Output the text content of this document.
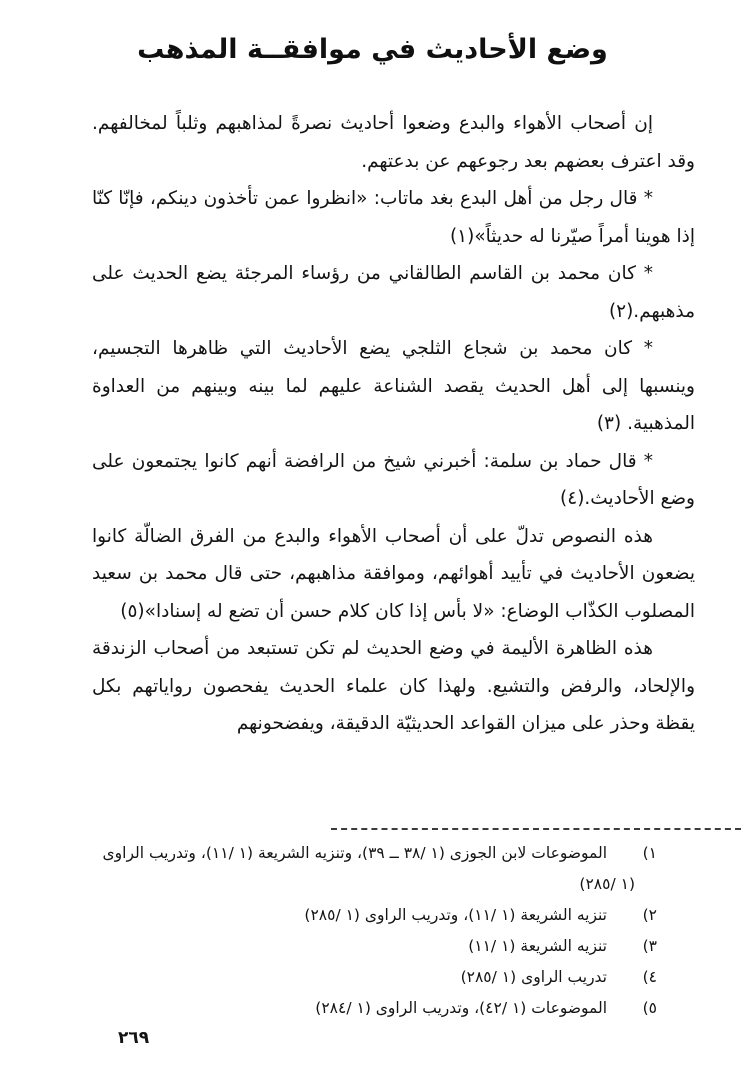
وضع الأحاديث في موافقــة المذهب

إن أصحاب الأهواء والبدع وضعوا أحاديث نصرةً لمذاهبهم وثلباً لمخالفهم. وقد اعترف بعضهم بعد رجوعهم عن بدعتهم.

* قال رجل من أهل البدع بغد ماتاب: «انظروا عمن تأخذون دينكم، فإنّا كنّا إذا هوينا أمراً صيّرنا له حديثاً»(١)

* كان محمد بن القاسم الطالقاني من رؤساء المرجئة يضع الحديث على مذهبهم.(٢)

* كان محمد بن شجاع الثلجي يضع الأحاديث التي ظاهرها التجسيم، وينسبها إلى أهل الحديث يقصد الشناعة عليهم لما بينه وبينهم من العداوة المذهبية. (٣)

* قال حماد بن سلمة: أخبرني شيخ من الرافضة أنهم كانوا يجتمعون على وضع الأحاديث.(٤)

هذه النصوص تدلّ على أن أصحاب الأهواء والبدع من الفرق الضالّة كانوا يضعون الأحاديث في تأييد أهوائهم، وموافقة مذاهبهم، حتى قال محمد بن سعيد المصلوب الكذّاب الوضاع: «لا بأس إذا كان كلام حسن أن تضع له إسنادا»(٥)

هذه الظاهرة الأليمة في وضع الحديث لم تكن تستبعد من أصحاب الزندقة والإلحاد، والرفض والتشيع. ولهذا كان علماء الحديث يفحصون رواياتهم بكل يقظة وحذر على ميزان القواعد الحديثيّة الدقيقة، ويفضحونهم

١)
الموضوعات لابن الجوزى (١ /٣٨ ــ ٣٩)، وتنزيه الشريعة (١ /١١)، وتدريب الراوى
(١ /٢٨٥)
٢)
تنزيه الشريعة (١ /١١)، وتدريب الراوى (١ /٢٨٥)
٣)
تنزيه الشريعة (١ /١١)
٤)
تدريب الراوى (١ /٢٨٥)
٥)
الموضوعات (١ /٤٢)، وتدريب الراوى (١ /٢٨٤)
٢٦٩
